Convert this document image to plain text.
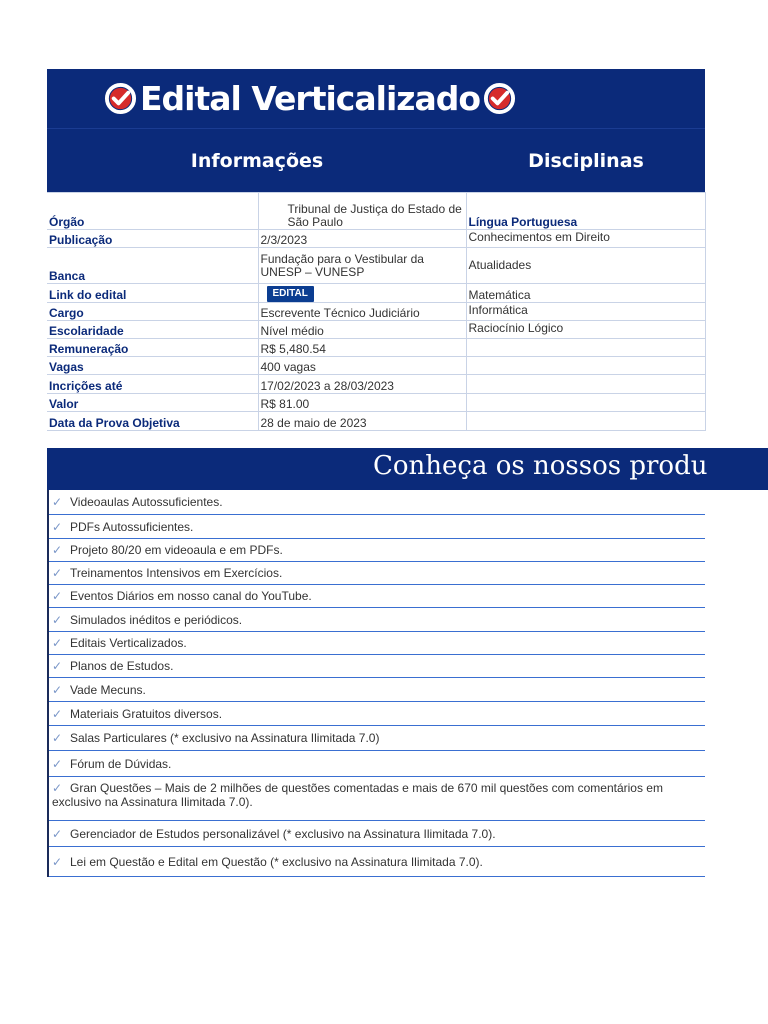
Edital Verticalizado
Informações	Disciplinas
Órgão	Tribunal de Justiça do Estado de São Paulo	Língua Portuguesa
Publicação	2/3/2023	Conhecimentos em Direito
Banca	Fundação para o Vestibular da UNESP – VUNESP	Atualidades
Link do edital	EDITAL	Matemática
Cargo	Escrevente Técnico Judiciário	Informática
Escolaridade	Nível médio	Raciocínio Lógico
Remuneração	R$ 5,480.54	
Vagas	400 vagas	
Incrições até	17/02/2023 a 28/03/2023	
Valor	R$ 81.00	
Data da Prova Objetiva	28 de maio de 2023	
Conheça os nossos produ
✓ Videoaulas Autossuficientes.
✓ PDFs Autossuficientes.
✓ Projeto 80/20 em videoaula e em PDFs.
✓ Treinamentos Intensivos em Exercícios.
✓ Eventos Diários em nosso canal do YouTube.
✓ Simulados inéditos e periódicos.
✓ Editais Verticalizados.
✓ Planos de Estudos.
✓ Vade Mecuns.
✓ Materiais Gratuitos diversos.
✓ Salas Particulares (* exclusivo na Assinatura Ilimitada 7.0)
✓ Fórum de Dúvidas.
✓ Gran Questões – Mais de 2 milhões de questões comentadas e mais de 670 mil questões com comentários em exclusivo na Assinatura Ilimitada 7.0).
✓ Gerenciador de Estudos personalizável (* exclusivo na Assinatura Ilimitada 7.0).
✓ Lei em Questão e Edital em Questão (* exclusivo na Assinatura Ilimitada 7.0).
